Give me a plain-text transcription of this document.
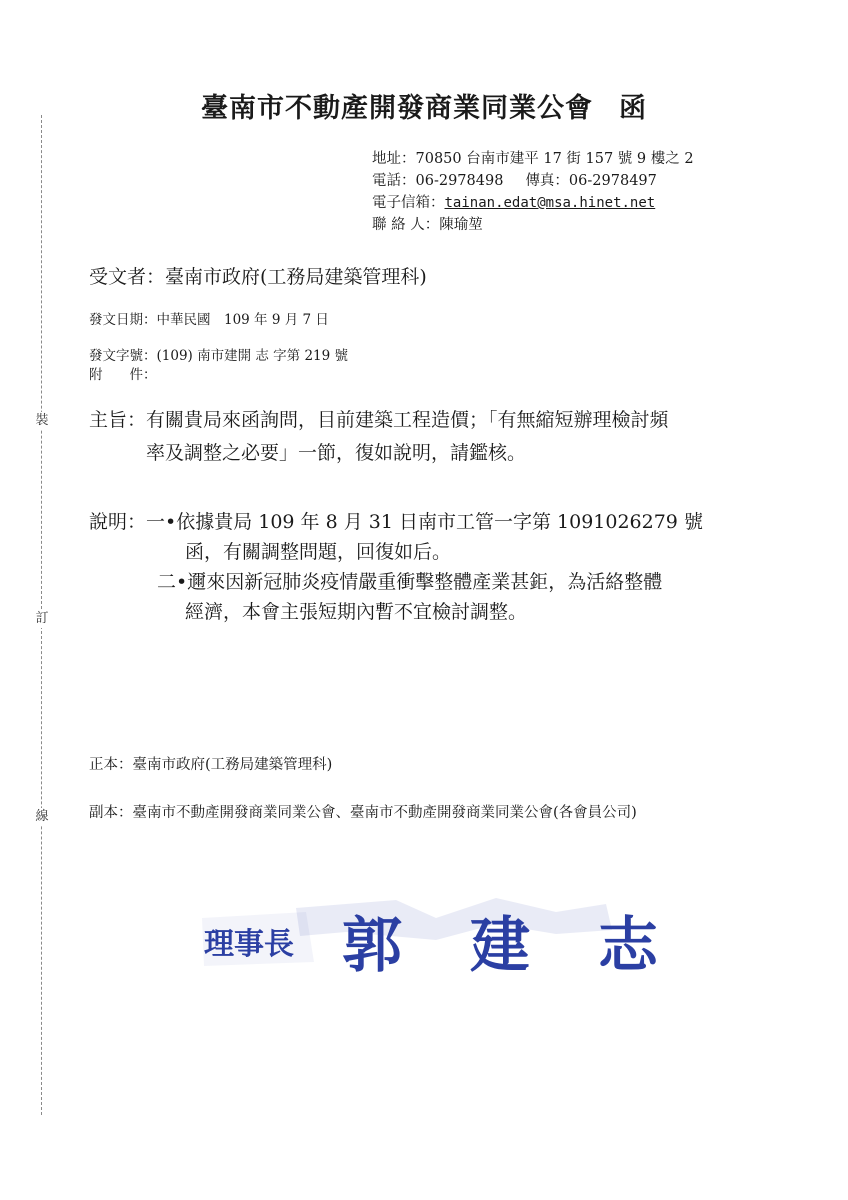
裝
訂
線
臺南市不動產開發商業同業公會 函
地址：70850 台南市建平 17 街 157 號 9 樓之 2
電話：06-2978498 傳真：06-2978497
電子信箱：tainan.edat@msa.hinet.net
聯 絡 人：陳瑜堃
受文者：臺南市政府(工務局建築管理科)
發文日期：中華民國　109 年 9 月 7 日
發文字號：(109) 南市建開 志 字第 219 號
附　　件：
主旨：有關貴局來函詢問，目前建築工程造價；「有無縮短辦理檢討頻
率及調整之必要」一節，復如說明，請鑑核。
說明：一•依據貴局 109 年 8 月 31 日南市工管一字第 1091026279 號
函，有關調整問題，回復如后。
二•邇來因新冠肺炎疫情嚴重衝擊整體產業甚鉅，為活絡整體
經濟，本會主張短期內暫不宜檢討調整。
正本：臺南市政府(工務局建築管理科)
副本：臺南市不動產開發商業同業公會、臺南市不動產開發商業同業公會(各會員公司)
理事長 郭　建　志
